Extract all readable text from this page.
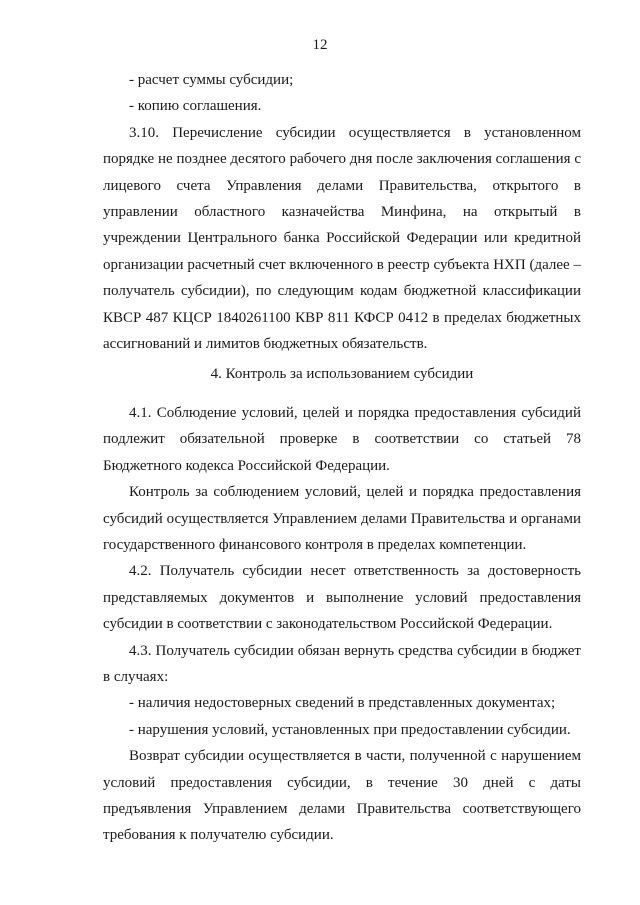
12

- расчет суммы субсидии;

- копию соглашения.

3.10. Перечисление субсидии осуществляется в установленном порядке не позднее десятого рабочего дня после заключения соглашения с лицевого счета Управления делами Правительства, открытого в управлении областного казначейства Минфина, на открытый в учреждении Центрального банка Российской Федерации или кредитной организации расчетный счет включенного в реестр субъекта НХП (далее – получатель субсидии), по следующим кодам бюджетной классификации КВСР 487 КЦСР 1840261100 КВР 811 КФСР 0412 в пределах бюджетных ассигнований и лимитов бюджетных обязательств.

4. Контроль за использованием субсидии

4.1. Соблюдение условий, целей и порядка предоставления субсидий подлежит обязательной проверке в соответствии со статьей 78 Бюджетного кодекса Российской Федерации.

Контроль за соблюдением условий, целей и порядка предоставления субсидий осуществляется Управлением делами Правительства и органами государственного финансового контроля в пределах компетенции.

4.2. Получатель субсидии несет ответственность за достоверность представляемых документов и выполнение условий предоставления субсидии в соответствии с законодательством Российской Федерации.

4.3. Получатель субсидии обязан вернуть средства субсидии в бюджет в случаях:

- наличия недостоверных сведений в представленных документах;

- нарушения условий, установленных при предоставлении субсидии.

Возврат субсидии осуществляется в части, полученной с нарушением условий предоставления субсидии, в течение 30 дней с даты предъявления Управлением делами Правительства соответствующего требования к получателю субсидии.
